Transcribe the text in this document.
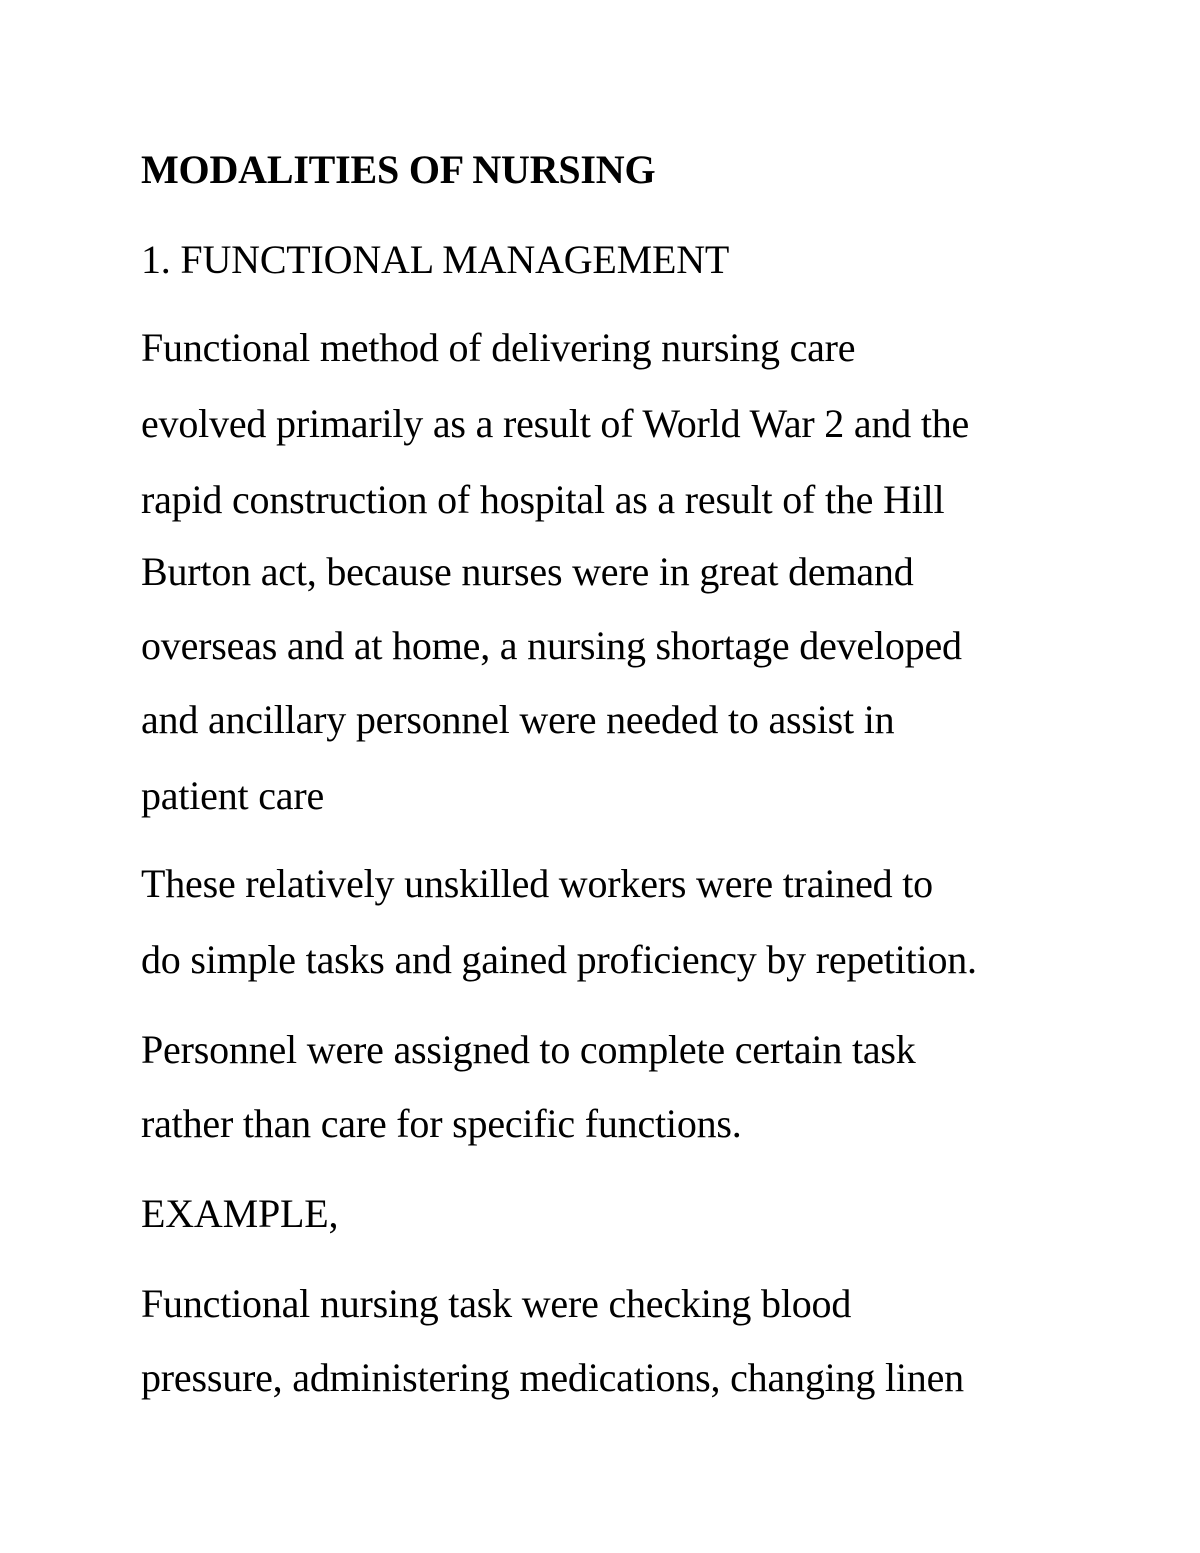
MODALITIES OF NURSING
1. FUNCTIONAL MANAGEMENT
Functional method of delivering nursing care
evolved primarily as a result of World War 2 and the
rapid construction of hospital as a result of the Hill
Burton act, because nurses were in great demand
overseas and at home, a nursing shortage developed
and ancillary personnel were needed to assist in
patient care
These relatively unskilled workers were trained to
do simple tasks and gained proficiency by repetition.
Personnel were assigned to complete certain task
rather than care for specific functions.
EXAMPLE,
Functional nursing task were checking blood
pressure, administering medications, changing linen
